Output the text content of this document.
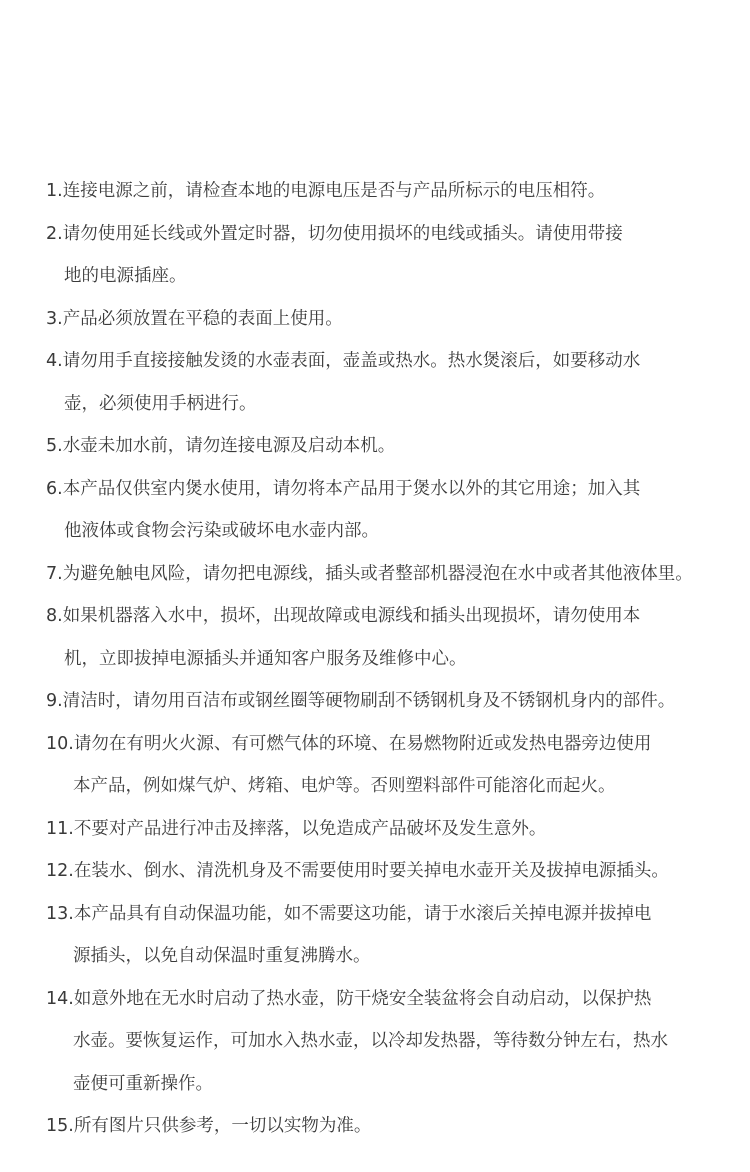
1.连接电源之前，请检查本地的电源电压是否与产品所标示的电压相符。
2.请勿使用延长线或外置定时器，切勿使用损坏的电线或插头。请使用带接
地的电源插座。
3.产品必须放置在平稳的表面上使用。
4.请勿用手直接接触发烫的水壶表面，壶盖或热水。热水煲滚后，如要移动水
壶，必须使用手柄进行。
5.水壶未加水前，请勿连接电源及启动本机。
6.本产品仅供室内煲水使用，请勿将本产品用于煲水以外的其它用途；加入其
他液体或食物会污染或破坏电水壶内部。
7.为避免触电风险，请勿把电源线，插头或者整部机器浸泡在水中或者其他液体里。
8.如果机器落入水中，损坏，出现故障或电源线和插头出现损坏，请勿使用本
机，立即拔掉电源插头并通知客户服务及维修中心。
9.清洁时，请勿用百洁布或钢丝圈等硬物刷刮不锈钢机身及不锈钢机身内的部件。
10.请勿在有明火火源、有可燃气体的环境、在易燃物附近或发热电器旁边使用
本产品，例如煤气炉、烤箱、电炉等。否则塑料部件可能溶化而起火。
11.不要对产品进行冲击及摔落，以免造成产品破坏及发生意外。
12.在装水、倒水、清洗机身及不需要使用时要关掉电水壶开关及拔掉电源插头。
13.本产品具有自动保温功能，如不需要这功能，请于水滚后关掉电源并拔掉电
源插头，以免自动保温时重复沸腾水。
14.如意外地在无水时启动了热水壶，防干烧安全装盆将会自动启动，以保护热
水壶。要恢复运作，可加水入热水壶，以冷却发热器，等待数分钟左右，热水
壶便可重新操作。
15.所有图片只供参考，一切以实物为准。
